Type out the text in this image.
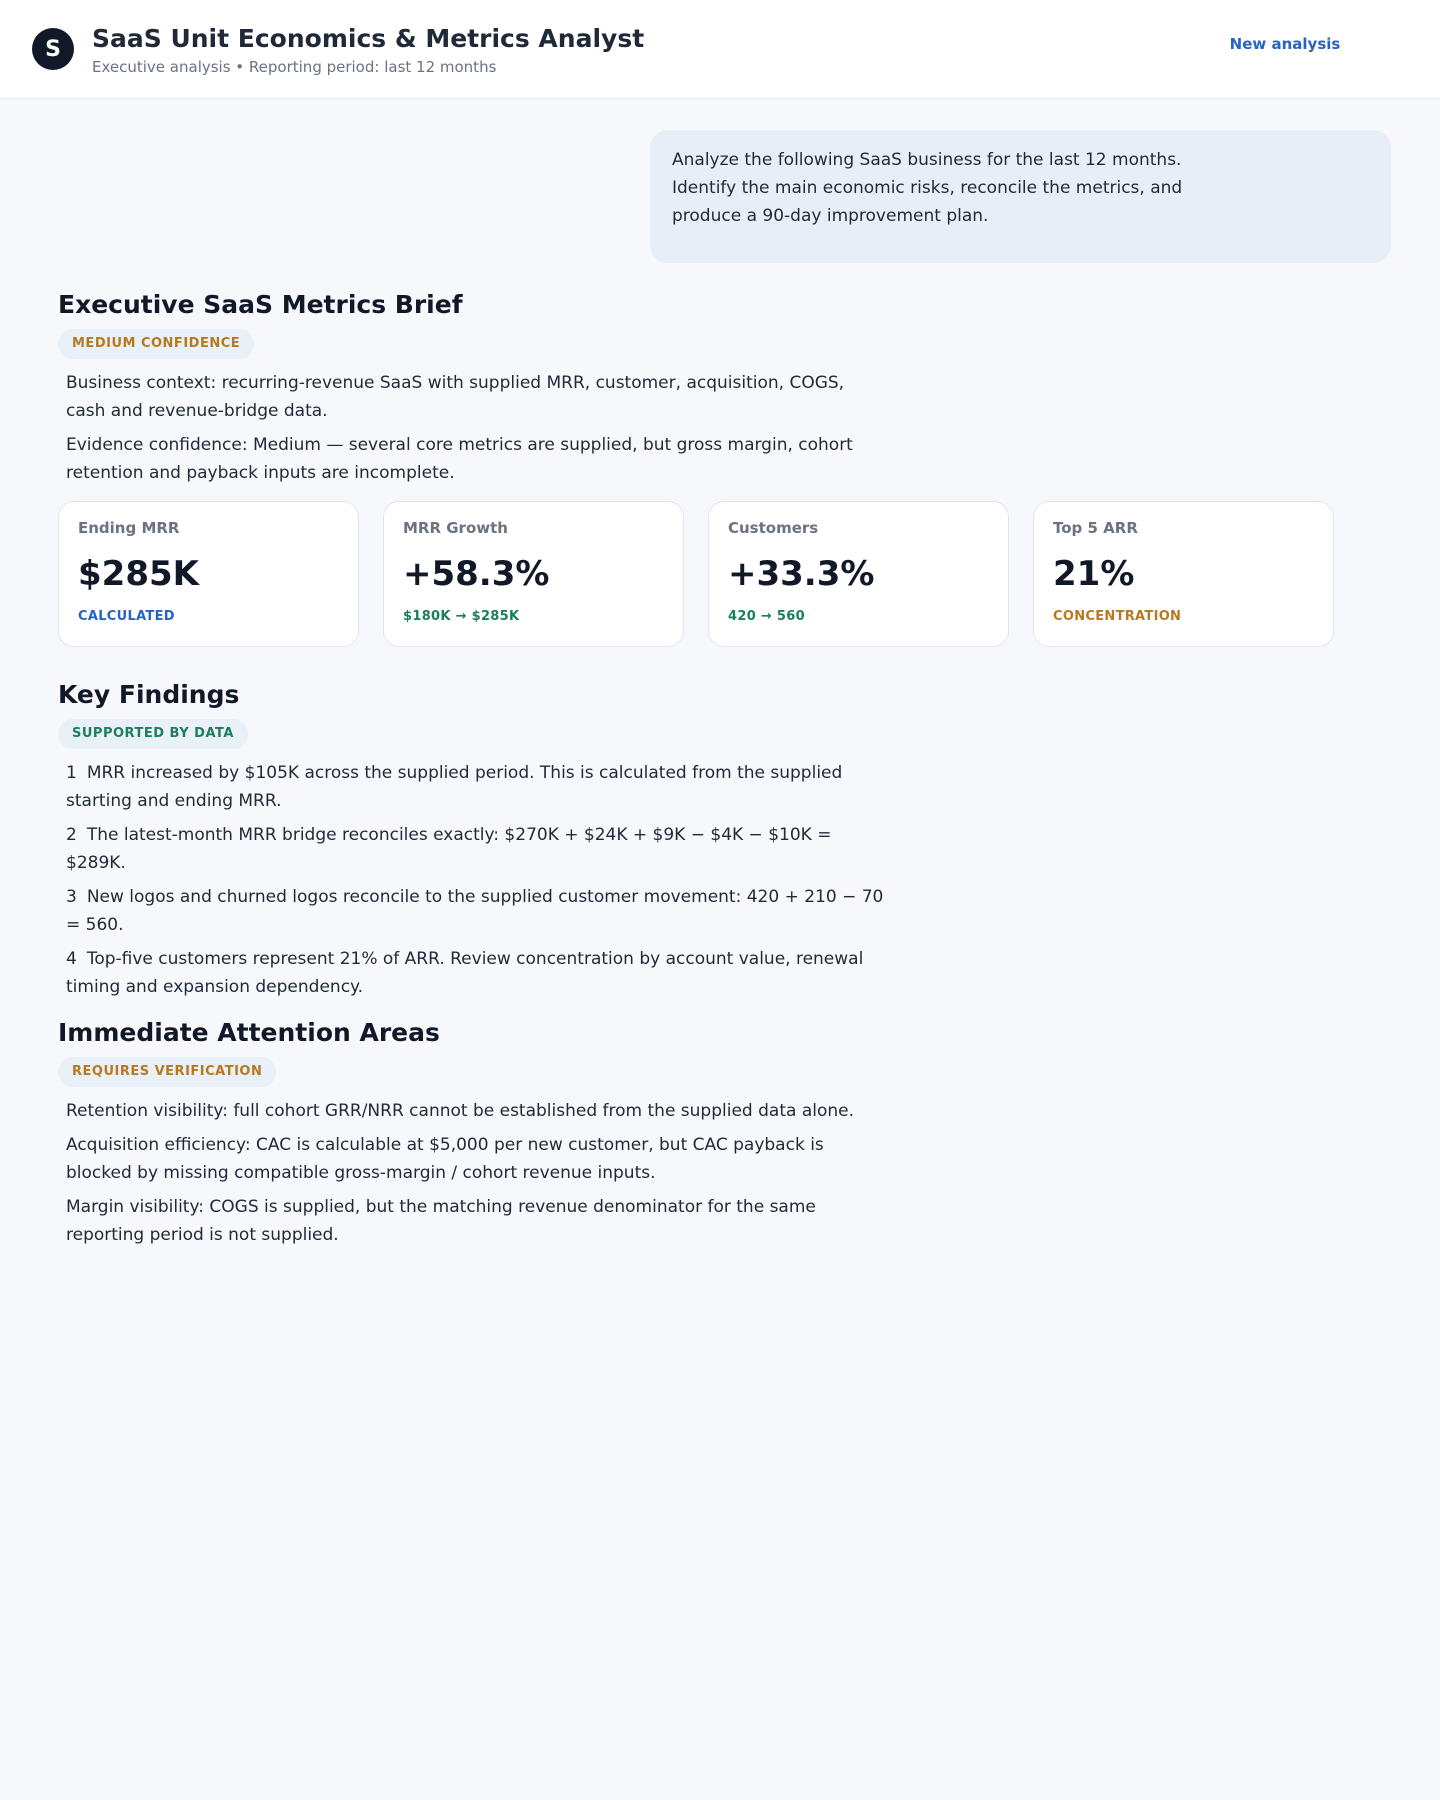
S	SaaS Unit Economics & Metrics Analyst
Executive analysis • Reporting period: last 12 months
New analysis

Analyze the following SaaS business for the last 12 months.

Identify the main economic risks, reconcile the metrics, and

produce a 90-day improvement plan.

Executive SaaS Metrics Brief
MEDIUM CONFIDENCE

Business context: recurring-revenue SaaS with supplied MRR, customer, acquisition, COGS, cash and revenue-bridge data.

Evidence confidence: Medium — several core metrics are supplied, but gross margin, cohort retention and payback inputs are incomplete.

Ending MRR
$285K
CALCULATED
MRR Growth
+58.3%
$180K → $285K
Customers
+33.3%
420 → 560
Top 5 ARR
21%
CONCENTRATION
Key Findings
SUPPORTED BY DATA

1 MRR increased by $105K across the supplied period. This is calculated from the supplied starting and ending MRR.

2 The latest-month MRR bridge reconciles exactly: $270K + $24K + $9K − $4K − $10K = $289K.

3 New logos and churned logos reconcile to the supplied customer movement: 420 + 210 − 70 = 560.

4 Top-five customers represent 21% of ARR. Review concentration by account value, renewal timing and expansion dependency.

Immediate Attention Areas
REQUIRES VERIFICATION

Retention visibility: full cohort GRR/NRR cannot be established from the supplied data alone.

Acquisition efficiency: CAC is calculable at $5,000 per new customer, but CAC payback is blocked by missing compatible gross-margin / cohort revenue inputs.

Margin visibility: COGS is supplied, but the matching revenue denominator for the same reporting period is not supplied.
